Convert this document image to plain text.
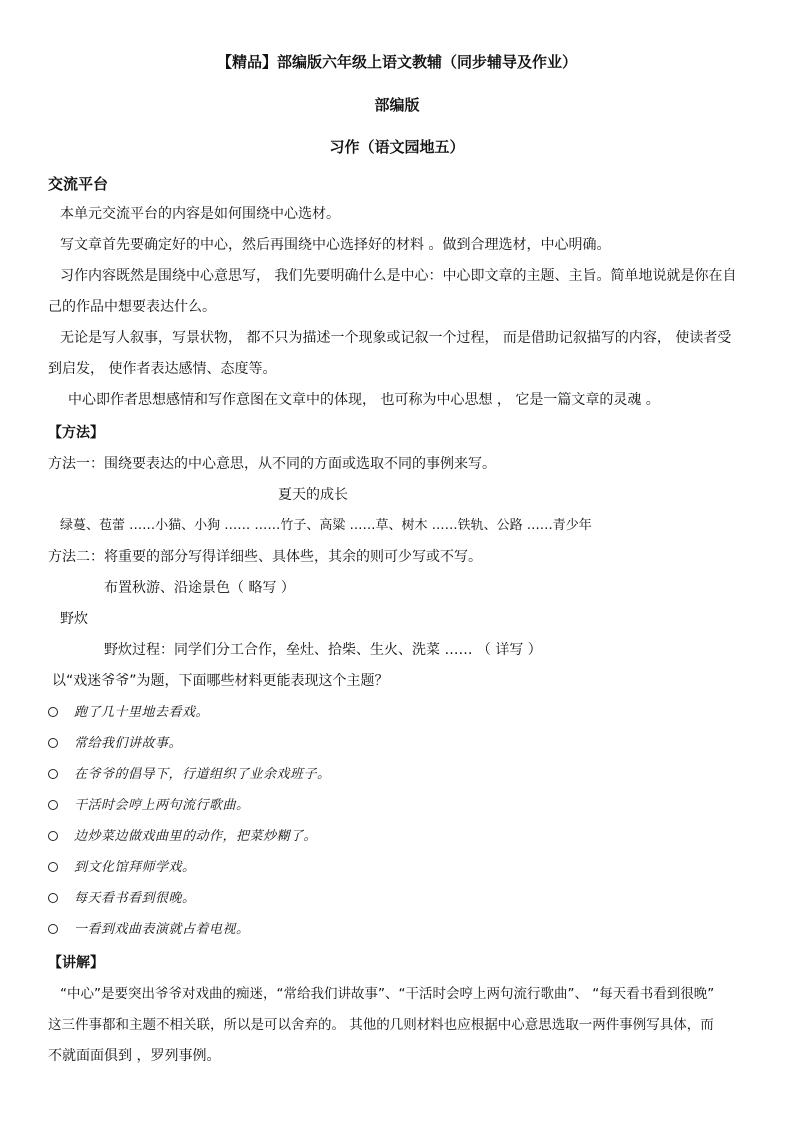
【精品】部编版六年级上语文教辅（同步辅导及作业）
部编版
习作（语文园地五）
交流平台
本单元交流平台的内容是如何围绕中心选材。
写文章首先要确定好的中心，然后再围绕中心选择好的材料 。做到合理选材，中心明确。
习作内容既然是围绕中心意思写， 我们先要明确什么是中心：中心即文章的主题、主旨。简单地说就是你在自
己的作品中想要表达什么。
无论是写人叙事，写景状物， 都不只为描述一个现象或记叙一个过程， 而是借助记叙描写的内容， 使读者受
到启发， 使作者表达感情、态度等。
中心即作者思想感情和写作意图在文章中的体现， 也可称为中心思想 ， 它是一篇文章的灵魂 。
【方法】
方法一：围绕要表达的中心意思，从不同的方面或选取不同的事例来写。
夏天的成长
绿蔓、苞蕾 ……小猫、小狗 …… ……竹子、高粱 ……草、树木 ……铁轨、公路 ……青少年
方法二：将重要的部分写得详细些、具体些，其余的则可少写或不写。
布置秋游、沿途景色（ 略写 ）
野炊
野炊过程：同学们分工合作，垒灶、拾柴、生火、洗菜 …… （ 详写 ）
以“戏迷爷爷”为题，下面哪些材料更能表现这个主题？
跑了几十里地去看戏。
常给我们讲故事。
在爷爷的倡导下，行道组织了业余戏班子。
干活时会哼上两句流行歌曲。
边炒菜边做戏曲里的动作，把菜炒糊了。
到文化馆拜师学戏。
每天看书看到很晚。
一看到戏曲表演就占着电视。
【讲解】
“中心”是要突出爷爷对戏曲的痴迷，“常给我们讲故事”、“干活时会哼上两句流行歌曲”、 “每天看书看到很晚”
这三件事都和主题不相关联，所以是可以舍弃的。 其他的几则材料也应根据中心意思选取一两件事例写具体，而
不就面面俱到 ，罗列事例。
